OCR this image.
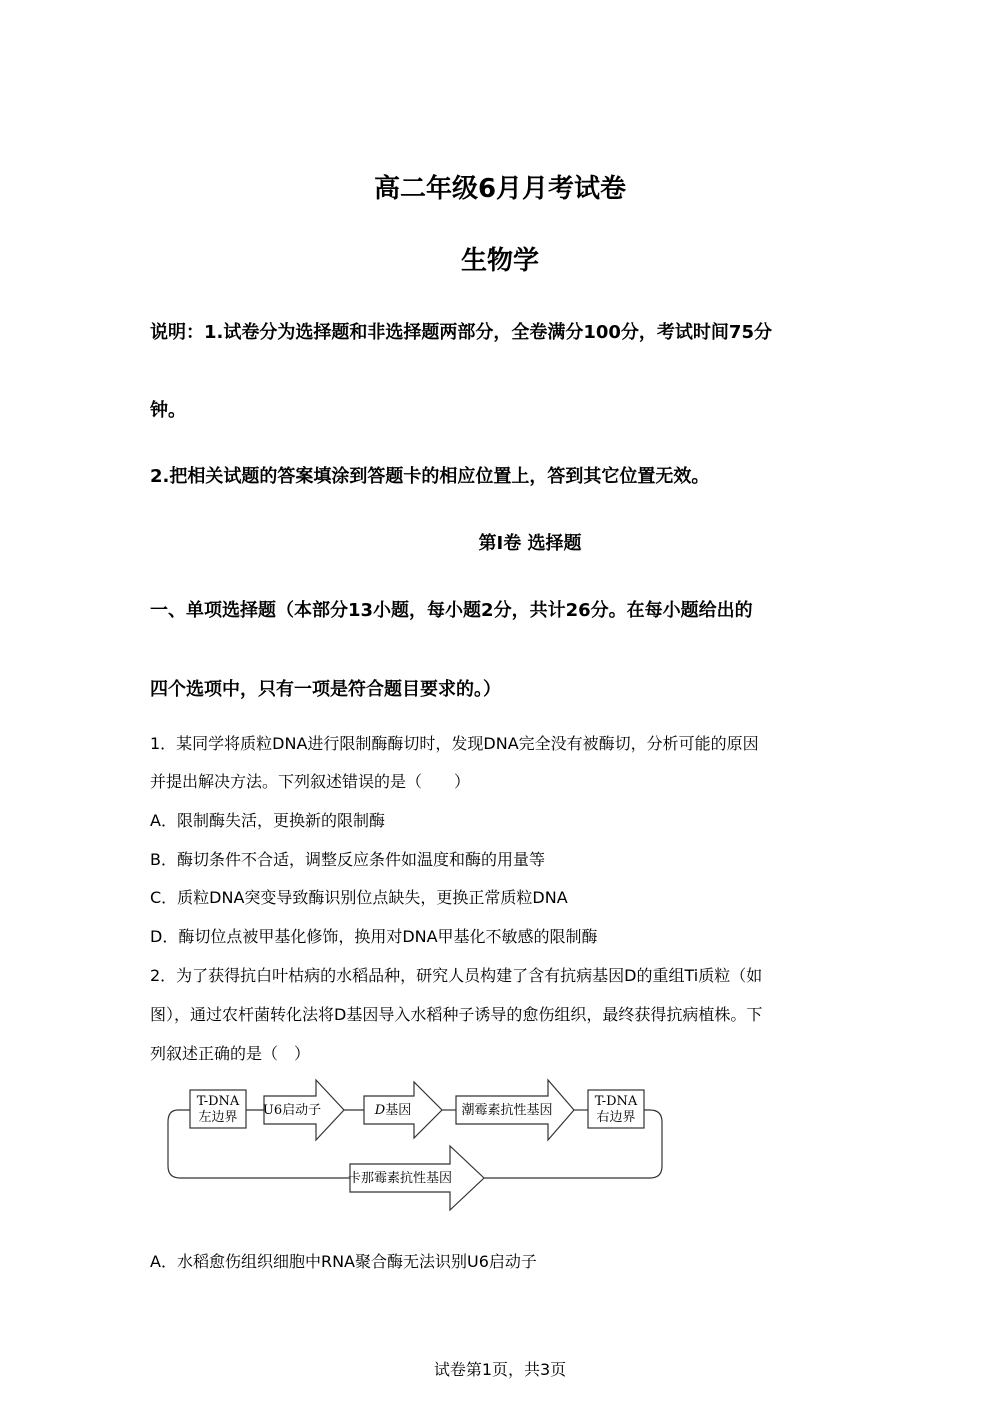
高二年级6月月考试卷
生物学
说明：1.试卷分为选择题和非选择题两部分，全卷满分100分，考试时间75分
钟。
2.把相关试题的答案填涂到答题卡的相应位置上，答到其它位置无效。
第I卷 选择题
一、单项选择题（本部分13小题，每小题2分，共计26分。在每小题给出的
四个选项中，只有一项是符合题目要求的。）
1．某同学将质粒DNA进行限制酶酶切时，发现DNA完全没有被酶切，分析可能的原因
并提出解决方法。下列叙述错误的是（　　）
A．限制酶失活，更换新的限制酶
B．酶切条件不合适，调整反应条件如温度和酶的用量等
C．质粒DNA突变导致酶识别位点缺失，更换正常质粒DNA
D．酶切位点被甲基化修饰，换用对DNA甲基化不敏感的限制酶
2．为了获得抗白叶枯病的水稻品种，研究人员构建了含有抗病基因D的重组Ti质粒（如
图），通过农杆菌转化法将D基因导入水稻种子诱导的愈伤组织，最终获得抗病植株。下
列叙述正确的是（　）
T-DNA
左边界 U6启动子	D基因	潮霉素抗性基因
T-DNA
右边界
卡那霉素抗性基因
A．水稻愈伤组织细胞中RNA聚合酶无法识别U6启动子
试卷第1页，共3页
